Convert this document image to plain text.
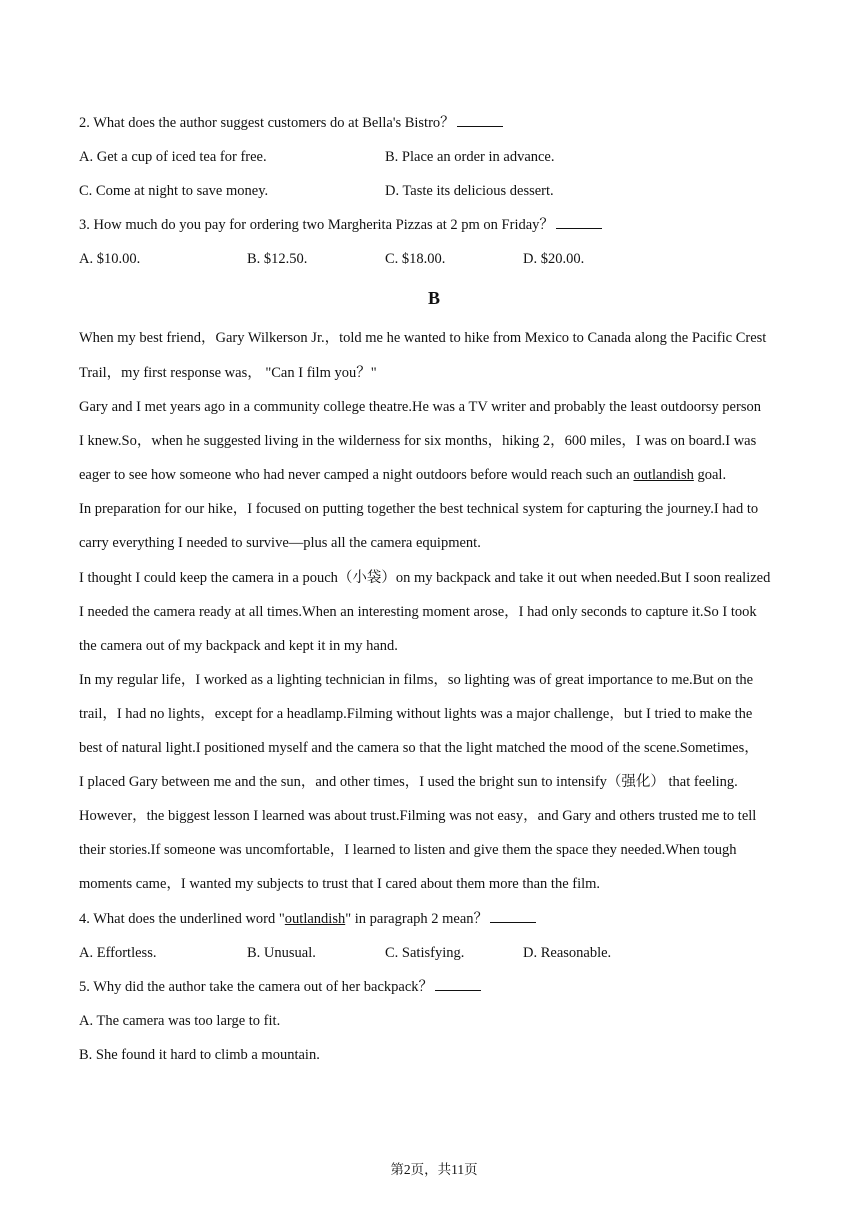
2. What does the author suggest customers do at Bella's Bistro？
A. Get a cup of iced tea for free.	B. Place an order in advance.
C. Come at night to save money.	D. Taste its delicious dessert.
3. How much do you pay for ordering two Margherita Pizzas at 2 pm on Friday？
A. $10.00.	B. $12.50.	C. $18.00.	D. $20.00.
B
When my best friend，Gary Wilkerson Jr.，told me he wanted to hike from Mexico to Canada along the Pacific Crest
Trail，my first response was， "Can I film you？"
Gary and I met years ago in a community college theatre.He was a TV writer and probably the least outdoorsy person
I knew.So，when he suggested living in the wilderness for six months，hiking 2，600 miles，I was on board.I was
eager to see how someone who had never camped a night outdoors before would reach such an outlandish goal.
In preparation for our hike，I focused on putting together the best technical system for capturing the journey.I had to
carry everything I needed to survive—plus all the camera equipment.
I thought I could keep the camera in a pouch（小袋）on my backpack and take it out when needed.But I soon realized
I needed the camera ready at all times.When an interesting moment arose，I had only seconds to capture it.So I took
the camera out of my backpack and kept it in my hand.
In my regular life，I worked as a lighting technician in films，so lighting was of great importance to me.But on the
trail，I had no lights，except for a headlamp.Filming without lights was a major challenge，but I tried to make the
best of natural light.I positioned myself and the camera so that the light matched the mood of the scene.Sometimes，
I placed Gary between me and the sun，and other times，I used the bright sun to intensify（强化） that feeling.
However，the biggest lesson I learned was about trust.Filming was not easy，and Gary and others trusted me to tell
their stories.If someone was uncomfortable，I learned to listen and give them the space they needed.When tough
moments came，I wanted my subjects to trust that I cared about them more than the film.
4. What does the underlined word "outlandish" in paragraph 2 mean？
A. Effortless.	B. Unusual.	C. Satisfying.	D. Reasonable.
5. Why did the author take the camera out of her backpack？
A. The camera was too large to fit.
B. She found it hard to climb a mountain.
第2页，共11页
